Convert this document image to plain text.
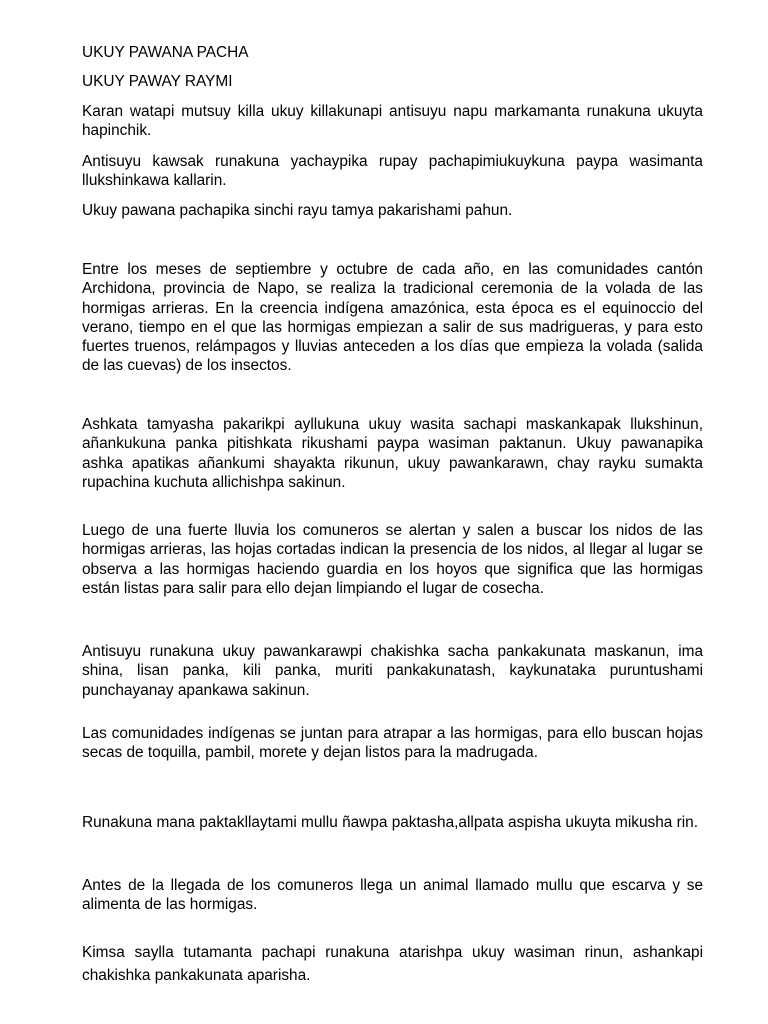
UKUY PAWANA PACHA

UKUY PAWAY RAYMI

Karan watapi mutsuy killa ukuy killakunapi antisuyu napu markamanta runakuna ukuyta hapinchik.

Antisuyu kawsak runakuna yachaypika rupay pachapimiukuykuna paypa wasimanta llukshinkawa kallarin.

Ukuy pawana pachapika sinchi rayu tamya pakarishami pahun.

Entre los meses de septiembre y octubre de cada año, en las comunidades cantón Archidona, provincia de Napo, se realiza la tradicional ceremonia de la volada de las hormigas arrieras. En la creencia indígena amazónica, esta época es el equinoccio del verano, tiempo en el que las hormigas empiezan a salir de sus madrigueras, y para esto fuertes truenos, relámpagos y lluvias anteceden a los días que empieza la volada (salida de las cuevas) de los insectos.

Ashkata tamyasha pakarikpi ayllukuna ukuy wasita sachapi maskankapak llukshinun, añankukuna panka pitishkata rikushami paypa wasiman paktanun. Ukuy pawanapika ashka apatikas añankumi shayakta rikunun, ukuy pawankarawn, chay rayku sumakta rupachina kuchuta allichishpa sakinun.

Luego de una fuerte lluvia los comuneros se alertan y salen a buscar los nidos de las hormigas arrieras, las hojas cortadas indican la presencia de los nidos, al llegar al lugar se observa a las hormigas haciendo guardia en los hoyos que significa que las hormigas están listas para salir para ello dejan limpiando el lugar de cosecha.

Antisuyu runakuna ukuy pawankarawpi chakishka sacha pankakunata maskanun, ima shina, lisan panka, kili panka, muriti pankakunatash, kaykunataka puruntushami punchayanay apankawa sakinun.

Las comunidades indígenas se juntan para atrapar a las hormigas, para ello buscan hojas secas de toquilla, pambil, morete y dejan listos para la madrugada.

Runakuna mana paktakllaytami mullu ñawpa paktasha,allpata aspisha ukuyta mikusha rin.

Antes de la llegada de los comuneros llega un animal llamado mullu que escarva y se alimenta de las hormigas.

Kimsa saylla tutamanta pachapi runakuna atarishpa ukuy wasiman rinun, ashankapi chakishka pankakunata aparisha.
